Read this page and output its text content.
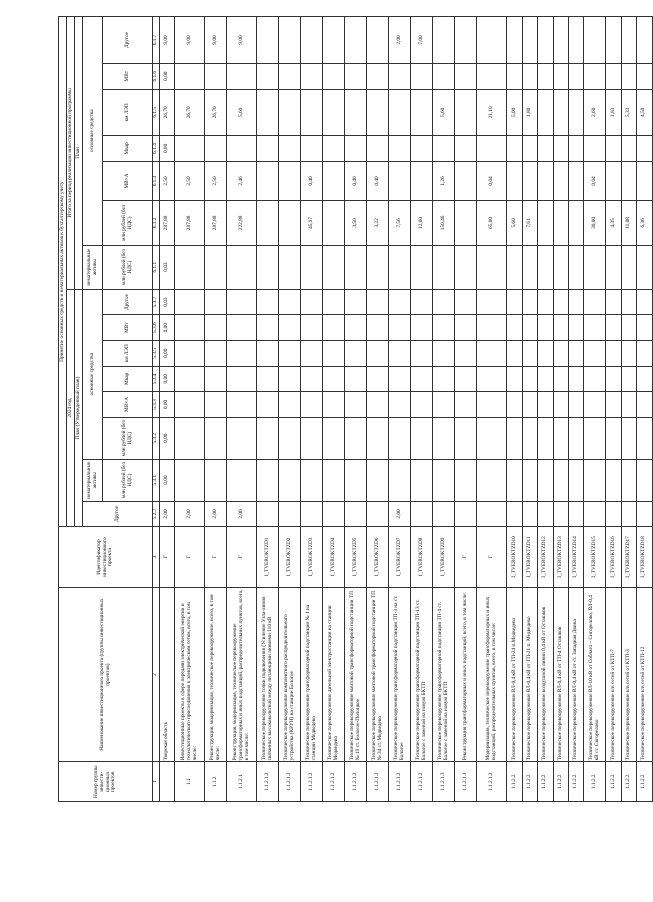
Номер группы инвести-ционных проектов	Наименование инвестиционного проекта (группы инвестиционных проектов)	Идентификатор инвестиционного проекта	Принятие основных средств и нематериальных активов к бухгалтерскому учету														
			2024 год								Итого за период реализации инвестиционной программы						
			План (Утвержденный план)								План						
			Другое	нематериальные активы	основные средства						нематериальные активы	основные средства					
				млн рублей (без НДС)	млн рублей (без НДС)	МВ×А	Мвар	км ЛЭП	МВт	Другое	млн рублей (без НДС)	млн рублей (без НДС)	МВ×А	Мвар	км ЛЭП	МВт	Другое
1	2	3	5.2.7	5.3.1	5.3.2	5.3.3	5.3.4	5.3.5	5.3.6	5.3.7	6.1.1	6.1.2	6.1.3	6.1.4	6.1.5	6.1.6	6.1.7
	Тверская область	Г	2,00	0,00	0,00	0,00	0,00	0,00	0,00	0,03	0,03	287,88	2,50	0,00	26,70	0,00	9,00
1.1	Инвестиционные проекты в сфере передачи электрической энергии и технологического присоединения к электрическим сетям, всего, в том числе:	Г	2,00									287,88	2,50		26,70		9,00
1.1.2	Реконструкция, модернизация, техническое перевооружение, всего, в том числе:	Г	2,00									287,88	2,50		26,70		9,00
1.1.2.1	Реконструкция, модернизация, техническое перевооружение трансформаторных и иных подстанций, распределительных пунктов, всего, в том числе:	Г	2,00									222,88	2,46		5,60		9,00
1.1.2.1.2	Техническое перевооружение точки подключения (Усиление Узла-линия связанных высоковольтной между питающими линиями 110 кВ	I_TVEROKTZD1															
1.1.2.1.2	Техническое перевооружение комплектного распределительного устройства (КРУН) на станции Бологое	I_TVEROKTZD2															
1.1.2.1.2	Техническое перевооружение трансформаторной подстанции № 1 на станции Медведево	I_TVEROKTZD3										45,97	0,40				
1.1.2.1.2	Техническое перевооружение дизельной электростанции на станции Медведево	I_TVEROKTZD4															
1.1.2.1.2	Техническое перевооружение мачтовой трансформаторной подстанции ТП № 19 ст. Бологое-Полоцкое	I_TVEROKTZD5										3,50	0,40				
1.1.2.1.2	Техническое перевооружение мачтовой трансформаторной подстанции ТП № 34 ст. Медведево	I_TVEROKTZD6										3,22	0,40				
1.1.2.1.2	Техническое перевооружение трансформаторной подстанции ТП-3 на ст. Бологое	I_TVEROKTZD7	2,00									7,56					2,00
1.1.2.1.2	Техническое перевооружение трансформаторной подстанции ТП-13 ст. Бологое с заменой на новую БКТП	I_TVEROKTZD8										12,60					7,00
1.1.2.1.3	Техническое перевооружение трансформаторной подстанции ТП-4 ст. Бологое с заменой на новую БКТП	I_TVEROKTZD9										150,46	1,26		5,60		
1.1.2.1.1	Реконструкция трансформаторных и иных подстанций, всего, в том числе:	Г															
1.1.2.1.2	Модернизация, техническое перевооружение трансформаторных и иных подстанций, распределительных пунктов, всего, в том числе:	Г										65,00	0,04		21,10		
1.1.2.2	Техническое перевооружение ВЛ-0,4 кВ от ТП-24 п.Медведево	I_TVEROKTZD10										5,60			5,00		
1.1.2.2	Техническое перевооружение ВЛ-0,4 кВ от ТП-21 п. Медведево	I_TVEROKTZD11										7,61			1,80		
1.1.2.2	Техническое перевооружение воздушной линии 0,4 кВ от Осташков	I_TVEROKTZD12															
1.1.2.2	Техническое перевооружение ВЛ-0,4 кВ от ТП-4 Осташков	I_TVEROKTZD13															
1.1.2.2	Техническое перевооружение ВЛ-0,4 кВ от ст. Западная Двина	I_TVEROKTZD14															
1.1.2.2	Техническое перевооружение ВЛ-10 кВ от Соблаго – Сигорелово, ВЛ-0,4 кВ ст. Сигорелово	I_TVEROKTZD15										30,00	0,04		2,60		
1.1.2.2	Техническое перевооружение н/в сетей от КТП-7	I_TVEROKTZD16										4,35			1,83		
1.1.2.2	Техническое перевооружение н/в сетей от КТП-3	I_TVEROKTZD17										11,08			5,33		
1.1.2.2	Техническое перевооружение н/в сетей от КТП-12	I_TVEROKTZD18										6,36			4,50		
